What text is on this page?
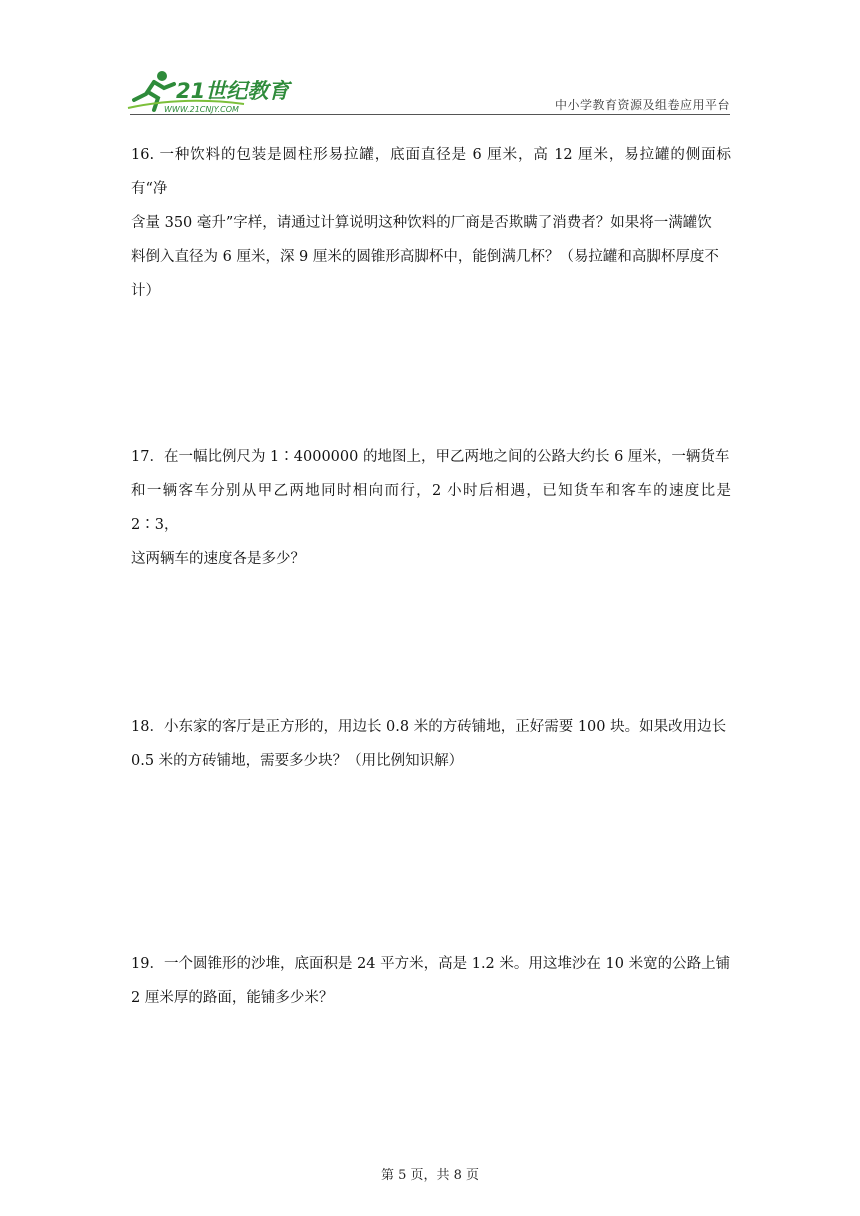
21世纪教育
WWW.21CNJY.COM	中小学教育资源及组卷应用平台
16. 一种饮料的包装是圆柱形易拉罐，底面直径是 6 厘米，高 12 厘米，易拉罐的侧面标有“净
含量 350 毫升”字样，请通过计算说明这种饮料的厂商是否欺瞒了消费者？如果将一满罐饮
料倒入直径为 6 厘米，深 9 厘米的圆锥形高脚杯中，能倒满几杯？（易拉罐和高脚杯厚度不
计）
17．在一幅比例尺为 1∶4000000 的地图上，甲乙两地之间的公路大约长 6 厘米，一辆货车
和一辆客车分别从甲乙两地同时相向而行，2 小时后相遇，已知货车和客车的速度比是 2∶3，
这两辆车的速度各是多少？
18．小东家的客厅是正方形的，用边长 0.8 米的方砖铺地，正好需要 100 块。如果改用边长
0.5 米的方砖铺地，需要多少块？（用比例知识解）
19．一个圆锥形的沙堆，底面积是 24 平方米，高是 1.2 米。用这堆沙在 10 米宽的公路上铺
2 厘米厚的路面，能铺多少米？
第 5 页，共 8 页
